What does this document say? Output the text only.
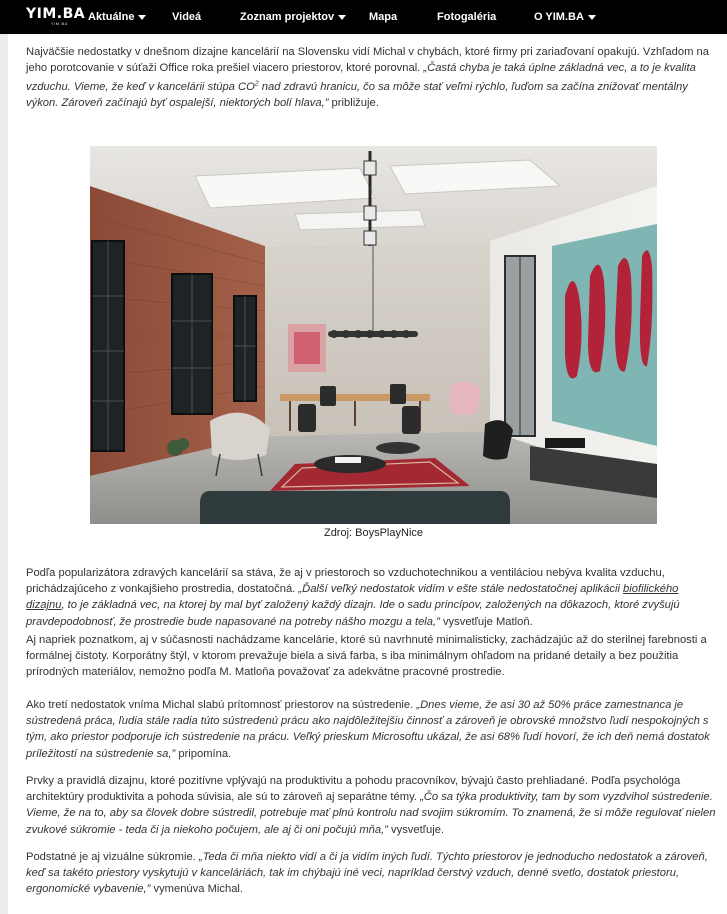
YIM.BA
YIM.BA
Aktuálne	Videá	Zoznam projektov	Mapa	Fotogaléria	O YIM.BA

Najväčšie nedostatky v dnešnom dizajne kancelárií na Slovensku vidí Michal v chybách, ktoré firmy pri zariaďovaní opakujú. Vzhľadom na jeho porotcovanie v súťaži Office roka prešiel viacero priestorov, ktoré porovnal. „Častá chyba je taká úplne základná vec, a to je kvalita vzduchu. Vieme, že keď v kancelárii stúpa $CO^2$ nad zdravú hranicu, čo sa môže stať veľmi rýchlo, ľuďom sa začína znižovať mentálny výkon. Zároveň začínajú byť ospalejší, niektorých bolí hlava,” približuje.

Zdroj: BoysPlayNice

Podľa popularizátora zdravých kancelárií sa stáva, že aj v priestoroch so vzduchotechnikou a ventiláciou nebýva kvalita vzduchu, prichádzajúceho z vonkajšieho prostredia, dostatočná. „Ďalší veľký nedostatok vidím v ešte stále nedostatočnej aplikácii biofilického dizajnu, to je základná vec, na ktorej by mal byť založený každý dizajn. Ide o sadu princípov, založených na dôkazoch, ktoré zvyšujú pravdepodobnosť, že prostredie bude napasované na potreby nášho mozgu a tela,” vysvetľuje Matloň.

Aj napriek poznatkom, aj v súčasnosti nachádzame kancelárie, ktoré sú navrhnuté minimalisticky, zachádzajúc až do sterilnej farebnosti a formálnej čistoty. Korporátny štýl, v ktorom prevažuje biela a sivá farba, s iba minimálnym ohľadom na pridané detaily a bez použitia prírodných materiálov, nemožno podľa M. Matloňa považovať za adekvátne pracovné prostredie.

Ako tretí nedostatok vníma Michal slabú prítomnosť priestorov na sústredenie. „Dnes vieme, že asi 30 až 50% práce zamestnanca je sústredená práca, ľudia stále radia túto sústredenú prácu ako najdôležitejšiu činnosť a zároveň je obrovské množstvo ľudí nespokojných s tým, ako priestor podporuje ich sústredenie na prácu. Veľký prieskum Microsoftu ukázal, že asi 68% ľudí hovorí, že ich deň nemá dostatok príležitostí na sústredenie sa,” pripomína.

Prvky a pravidlá dizajnu, ktoré pozitívne vplývajú na produktivitu a pohodu pracovníkov, bývajú často prehliadané. Podľa psychológa architektúry produktivita a pohoda súvisia, ale sú to zároveň aj separátne témy. „Čo sa týka produktivity, tam by som vyzdvihol sústredenie. Vieme, že na to, aby sa človek dobre sústredil, potrebuje mať plnú kontrolu nad svojim súkromím. To znamená, že si môže regulovať nielen zvukové súkromie - teda či ja niekoho počujem, ale aj či oni počujú mňa,” vysvetľuje.

Podstatné je aj vizuálne súkromie. „Teda či mňa niekto vidí a či ja vidím iných ľudí. Týchto priestorov je jednoducho nedostatok a zároveň, keď sa takéto priestory vyskytujú v kanceláriách, tak im chýbajú iné veci, napríklad čerstvý vzduch, denné svetlo, dostatok priestoru, ergonomické vybavenie,” vymenúva Michal.
